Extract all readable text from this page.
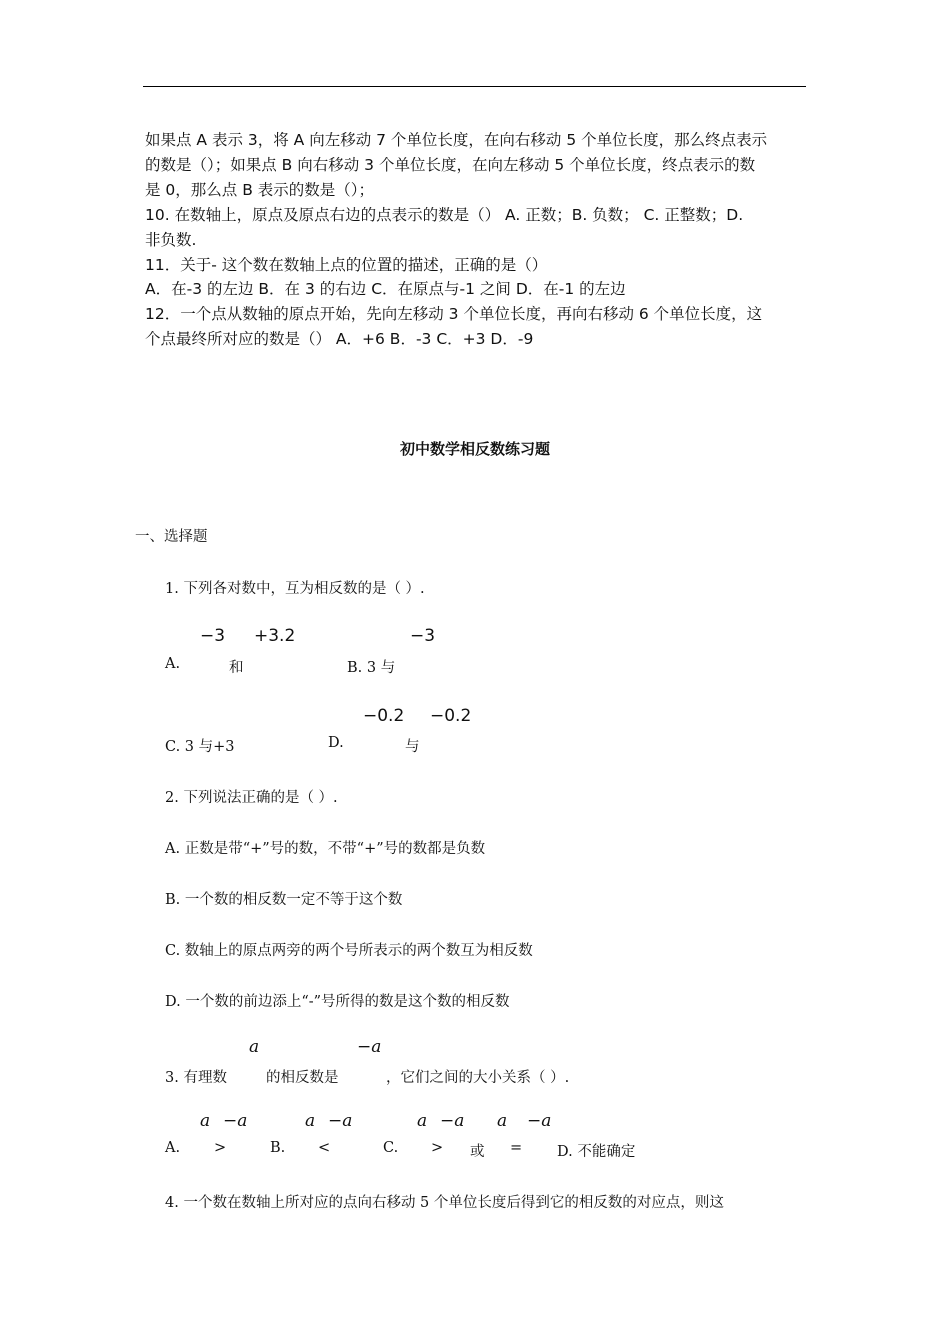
如果点 A 表示 3，将 A 向左移动 7 个单位长度，在向右移动 5 个单位长度，那么终点表示
的数是（）；如果点 B 向右移动 3 个单位长度，在向左移动 5 个单位长度，终点表示的数
是 0，那么点 B 表示的数是（）；
10. 在数轴上，原点及原点右边的点表示的数是（） A. 正数；B. 负数； C. 正整数；D.
非负数.
11．关于- 这个数在数轴上点的位置的描述，正确的是（）
A．在-3 的左边 B．在 3 的右边 C．在原点与-1 之间 D．在-1 的左边
12．一个点从数轴的原点开始，先向左移动 3 个单位长度，再向右移动 6 个单位长度，这
个点最终所对应的数是（） A．+6 B．-3 C．+3 D．-9
初中数学相反数练习题
一、选择题
1. 下列各对数中，互为相反数的是（ ）.
−3 +3.2	−3
A.	和	B. 3 与
−0.2 −0.2
C. 3 与+3	D.	与
2. 下列说法正确的是（ ）.
A. 正数是带“+”号的数，不带“+”号的数都是负数
B. 一个数的相反数一定不等于这个数
C. 数轴上的原点两旁的两个号所表示的两个数互为相反数
D. 一个数的前边添上“-”号所得的数是这个数的相反数
a	−a
3. 有理数	的相反数是	，它们之间的大小关系（ ）.
a −a	a −a	a −a a −a
A. >	B. <	C. > 或 = D. 不能确定
4. 一个数在数轴上所对应的点向右移动 5 个单位长度后得到它的相反数的对应点，则这
